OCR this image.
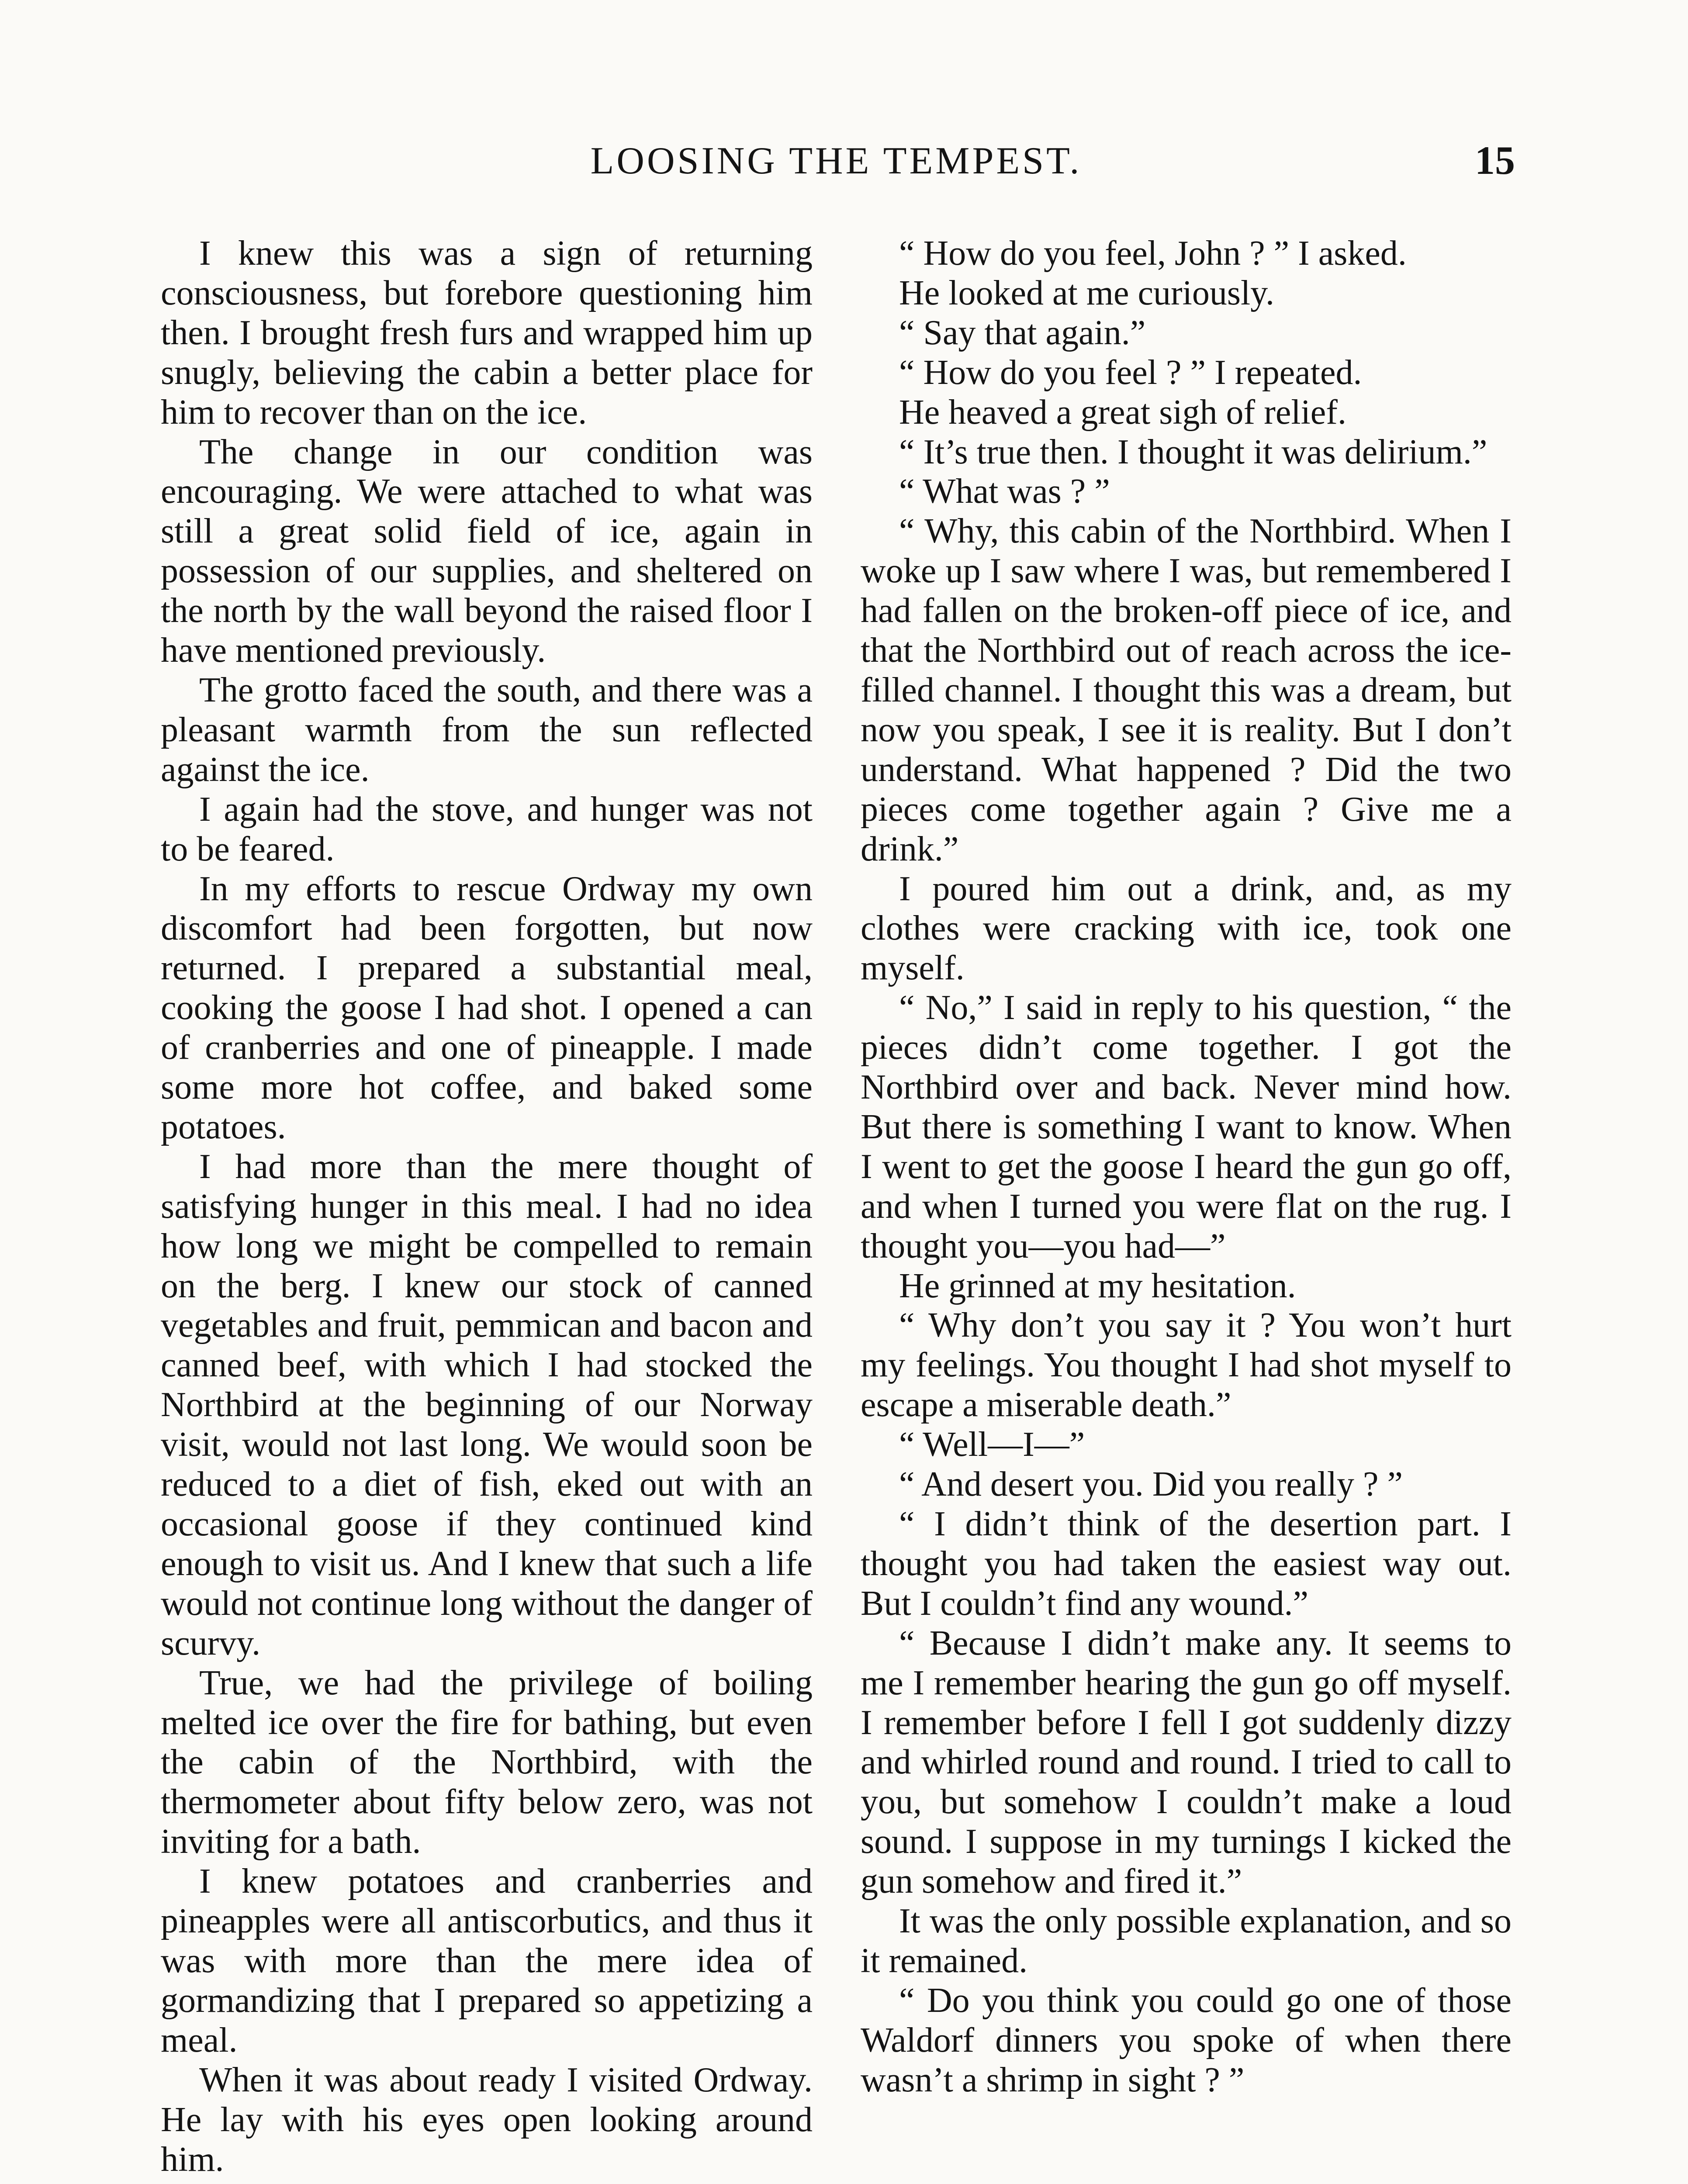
LOOSING THE TEMPEST.	15

I knew this was a sign of returning consciousness, but forebore questioning him then. I brought fresh furs and wrapped him up snugly, believing the cabin a better place for him to recover than on the ice.

The change in our condition was encouraging. We were attached to what was still a great solid field of ice, again in possession of our supplies, and sheltered on the north by the wall beyond the raised floor I have mentioned previously.

The grotto faced the south, and there was a pleasant warmth from the sun reflected against the ice.

I again had the stove, and hunger was not to be feared.

In my efforts to rescue Ordway my own discomfort had been forgotten, but now returned. I prepared a substantial meal, cooking the goose I had shot. I opened a can of cranberries and one of pineapple. I made some more hot coffee, and baked some potatoes.

I had more than the mere thought of satisfying hunger in this meal. I had no idea how long we might be compelled to remain on the berg. I knew our stock of canned vegetables and fruit, pemmican and bacon and canned beef, with which I had stocked the Northbird at the beginning of our Norway visit, would not last long. We would soon be reduced to a diet of fish, eked out with an occasional goose if they continued kind enough to visit us. And I knew that such a life would not continue long without the danger of scurvy.

True, we had the privilege of boiling melted ice over the fire for bathing, but even the cabin of the Northbird, with the thermometer about fifty below zero, was not inviting for a bath.

I knew potatoes and cranberries and pineapples were all antiscorbutics, and thus it was with more than the mere idea of gormandizing that I prepared so appetizing a meal.

When it was about ready I visited Ordway. He lay with his eyes open looking around him.

“ How do you feel, John ? ” I asked.

He looked at me curiously.

“ Say that again.”

“ How do you feel ? ” I repeated.

He heaved a great sigh of relief.

“ It’s true then. I thought it was delirium.”

“ What was ? ”

“ Why, this cabin of the Northbird. When I woke up I saw where I was, but remembered I had fallen on the broken-off piece of ice, and that the Northbird out of reach across the ice-filled channel. I thought this was a dream, but now you speak, I see it is reality. But I don’t understand. What happened ? Did the two pieces come together again ? Give me a drink.”

I poured him out a drink, and, as my clothes were cracking with ice, took one myself.

“ No,” I said in reply to his question, “ the pieces didn’t come together. I got the Northbird over and back. Never mind how. But there is something I want to know. When I went to get the goose I heard the gun go off, and when I turned you were flat on the rug. I thought you—you had—”

He grinned at my hesitation.

“ Why don’t you say it ? You won’t hurt my feelings. You thought I had shot myself to escape a miserable death.”

“ Well—I—”

“ And desert you. Did you really ? ”

“ I didn’t think of the desertion part. I thought you had taken the easiest way out. But I couldn’t find any wound.”

“ Because I didn’t make any. It seems to me I remember hearing the gun go off myself. I remember before I fell I got suddenly dizzy and whirled round and round. I tried to call to you, but somehow I couldn’t make a loud sound. I suppose in my turnings I kicked the gun somehow and fired it.”

It was the only possible explanation, and so it remained.

“ Do you think you could go one of those Waldorf dinners you spoke of when there wasn’t a shrimp in sight ? ”
